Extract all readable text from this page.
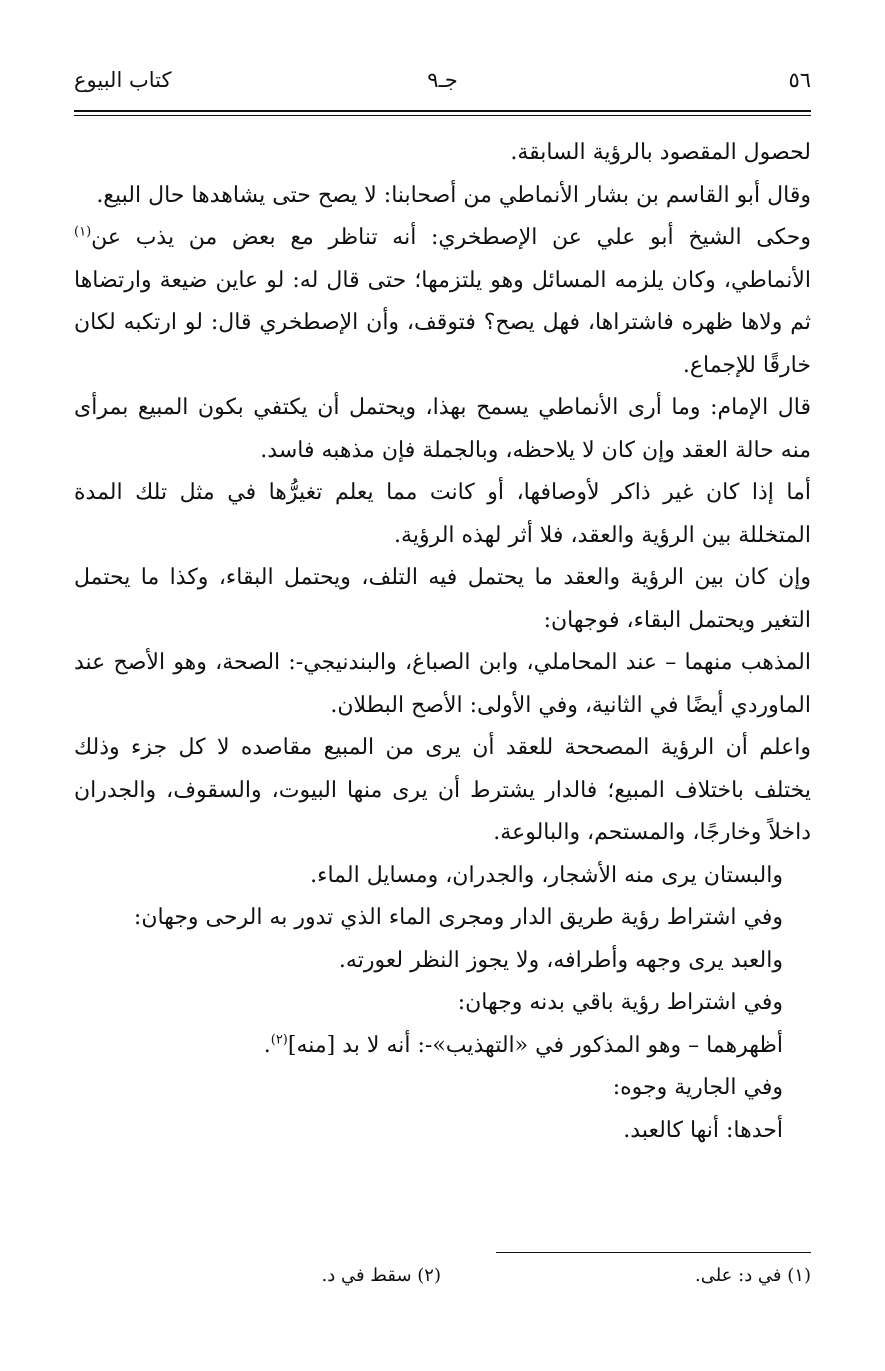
٥٦
جـ٩
كتاب البيوع

لحصول المقصود بالرؤية السابقة.

وقال أبو القاسم بن بشار الأنماطي من أصحابنا: لا يصح حتى يشاهدها حال البيع.

وحكى الشيخ أبو علي عن الإصطخري: أنه تناظر مع بعض من يذب عن$^{(١)}$ الأنماطي، وكان يلزمه المسائل وهو يلتزمها؛ حتى قال له: لو عاين ضيعة وارتضاها ثم ولاها ظهره فاشتراها، فهل يصح؟ فتوقف، وأن الإصطخري قال: لو ارتكبه لكان خارقًا للإجماع.

قال الإمام: وما أرى الأنماطي يسمح بهذا، ويحتمل أن يكتفي بكون المبيع بمرأى منه حالة العقد وإن كان لا يلاحظه، وبالجملة فإن مذهبه فاسد.

أما إذا كان غير ذاكر لأوصافها، أو كانت مما يعلم تغيرُّها في مثل تلك المدة المتخللة بين الرؤية والعقد، فلا أثر لهذه الرؤية.

وإن كان بين الرؤية والعقد ما يحتمل فيه التلف، ويحتمل البقاء، وكذا ما يحتمل التغير ويحتمل البقاء، فوجهان:

المذهب منهما – عند المحاملي، وابن الصباغ، والبندنيجي-: الصحة، وهو الأصح عند الماوردي أيضًا في الثانية، وفي الأولى: الأصح البطلان.

واعلم أن الرؤية المصححة للعقد أن يرى من المبيع مقاصده لا كل جزء وذلك يختلف باختلاف المبيع؛ فالدار يشترط أن يرى منها البيوت، والسقوف، والجدران داخلاً وخارجًا، والمستحم، والبالوعة.

والبستان يرى منه الأشجار، والجدران، ومسايل الماء.

وفي اشتراط رؤية طريق الدار ومجرى الماء الذي تدور به الرحى وجهان:

والعبد يرى وجهه وأطرافه، ولا يجوز النظر لعورته.

وفي اشتراط رؤية باقي بدنه وجهان:

أظهرهما – وهو المذكور في «التهذيب»-: أنه لا بد [منه]$^{(٢)}$.

وفي الجارية وجوه:

أحدها: أنها كالعبد.

(١) في د: على.
(٢) سقط في د.
